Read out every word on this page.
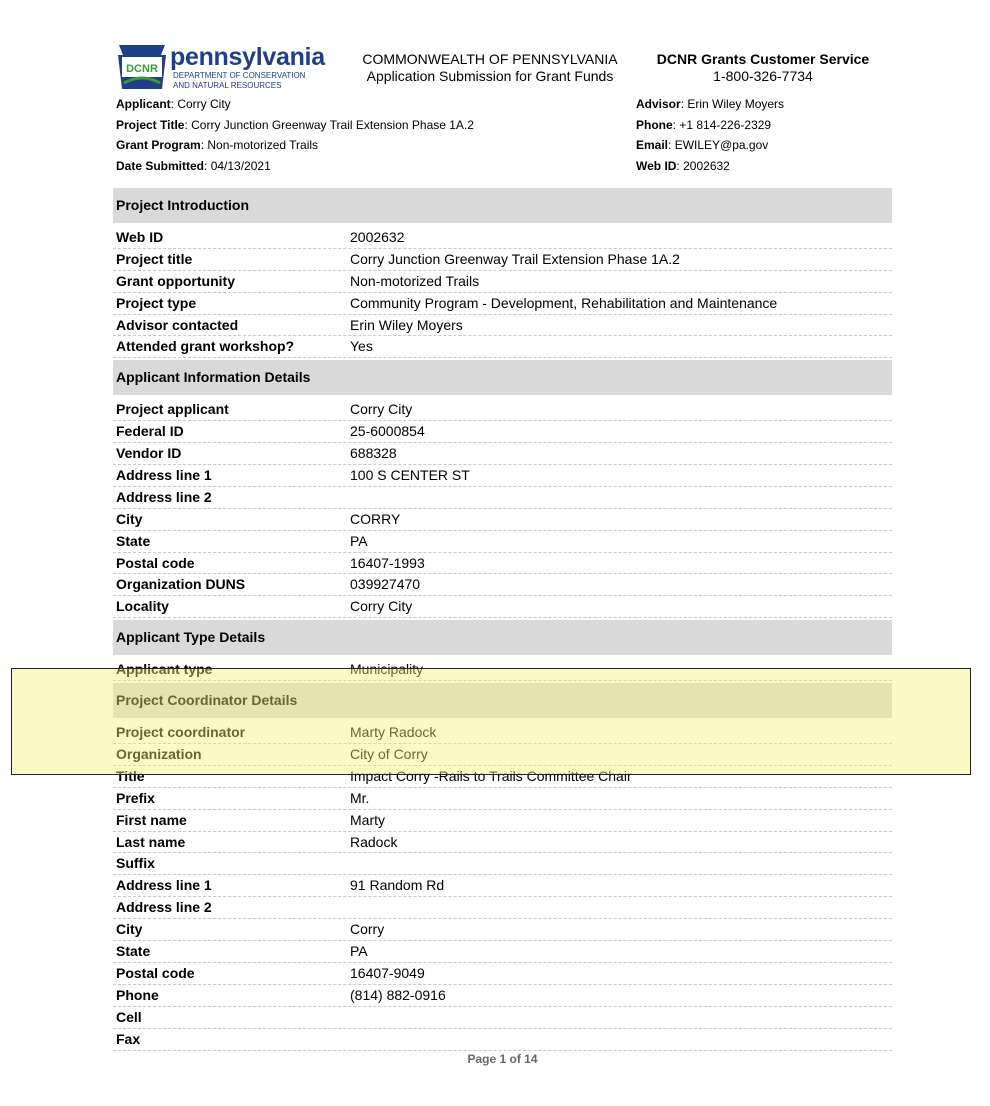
DCNR pennsylvania
DEPARTMENT OF CONSERVATION
AND NATURAL RESOURCES
COMMONWEALTH OF PENNSYLVANIA
Application Submission for Grant Funds
DCNR Grants Customer Service
1-800-326-7734
Applicant: Corry City
Project Title: Corry Junction Greenway Trail Extension Phase 1A.2
Grant Program: Non-motorized Trails
Date Submitted: 04/13/2021
Advisor: Erin Wiley Moyers
Phone: +1 814-226-2329
Email: EWILEY@pa.gov
Web ID: 2002632
Project Introduction
Web ID	2002632
Project title	Corry Junction Greenway Trail Extension Phase 1A.2
Grant opportunity	Non-motorized Trails
Project type	Community Program - Development, Rehabilitation and Maintenance
Advisor contacted	Erin Wiley Moyers
Attended grant workshop?	Yes
Applicant Information Details
Project applicant	Corry City
Federal ID	25-6000854
Vendor ID	688328
Address line 1	100 S CENTER ST
Address line 2
City	CORRY
State	PA
Postal code	16407-1993
Organization DUNS	039927470
Locality	Corry City
Applicant Type Details
Applicant type	Municipality
Project Coordinator Details
Project coordinator	Marty Radock
Organization	City of Corry
Title	Impact Corry -Rails to Trails Committee Chair
Prefix	Mr.
First name	Marty
Last name	Radock
Suffix
Address line 1	91 Random Rd
Address line 2
City	Corry
State	PA
Postal code	16407-9049
Phone	(814) 882-0916
Cell
Fax
Page 1 of 14
